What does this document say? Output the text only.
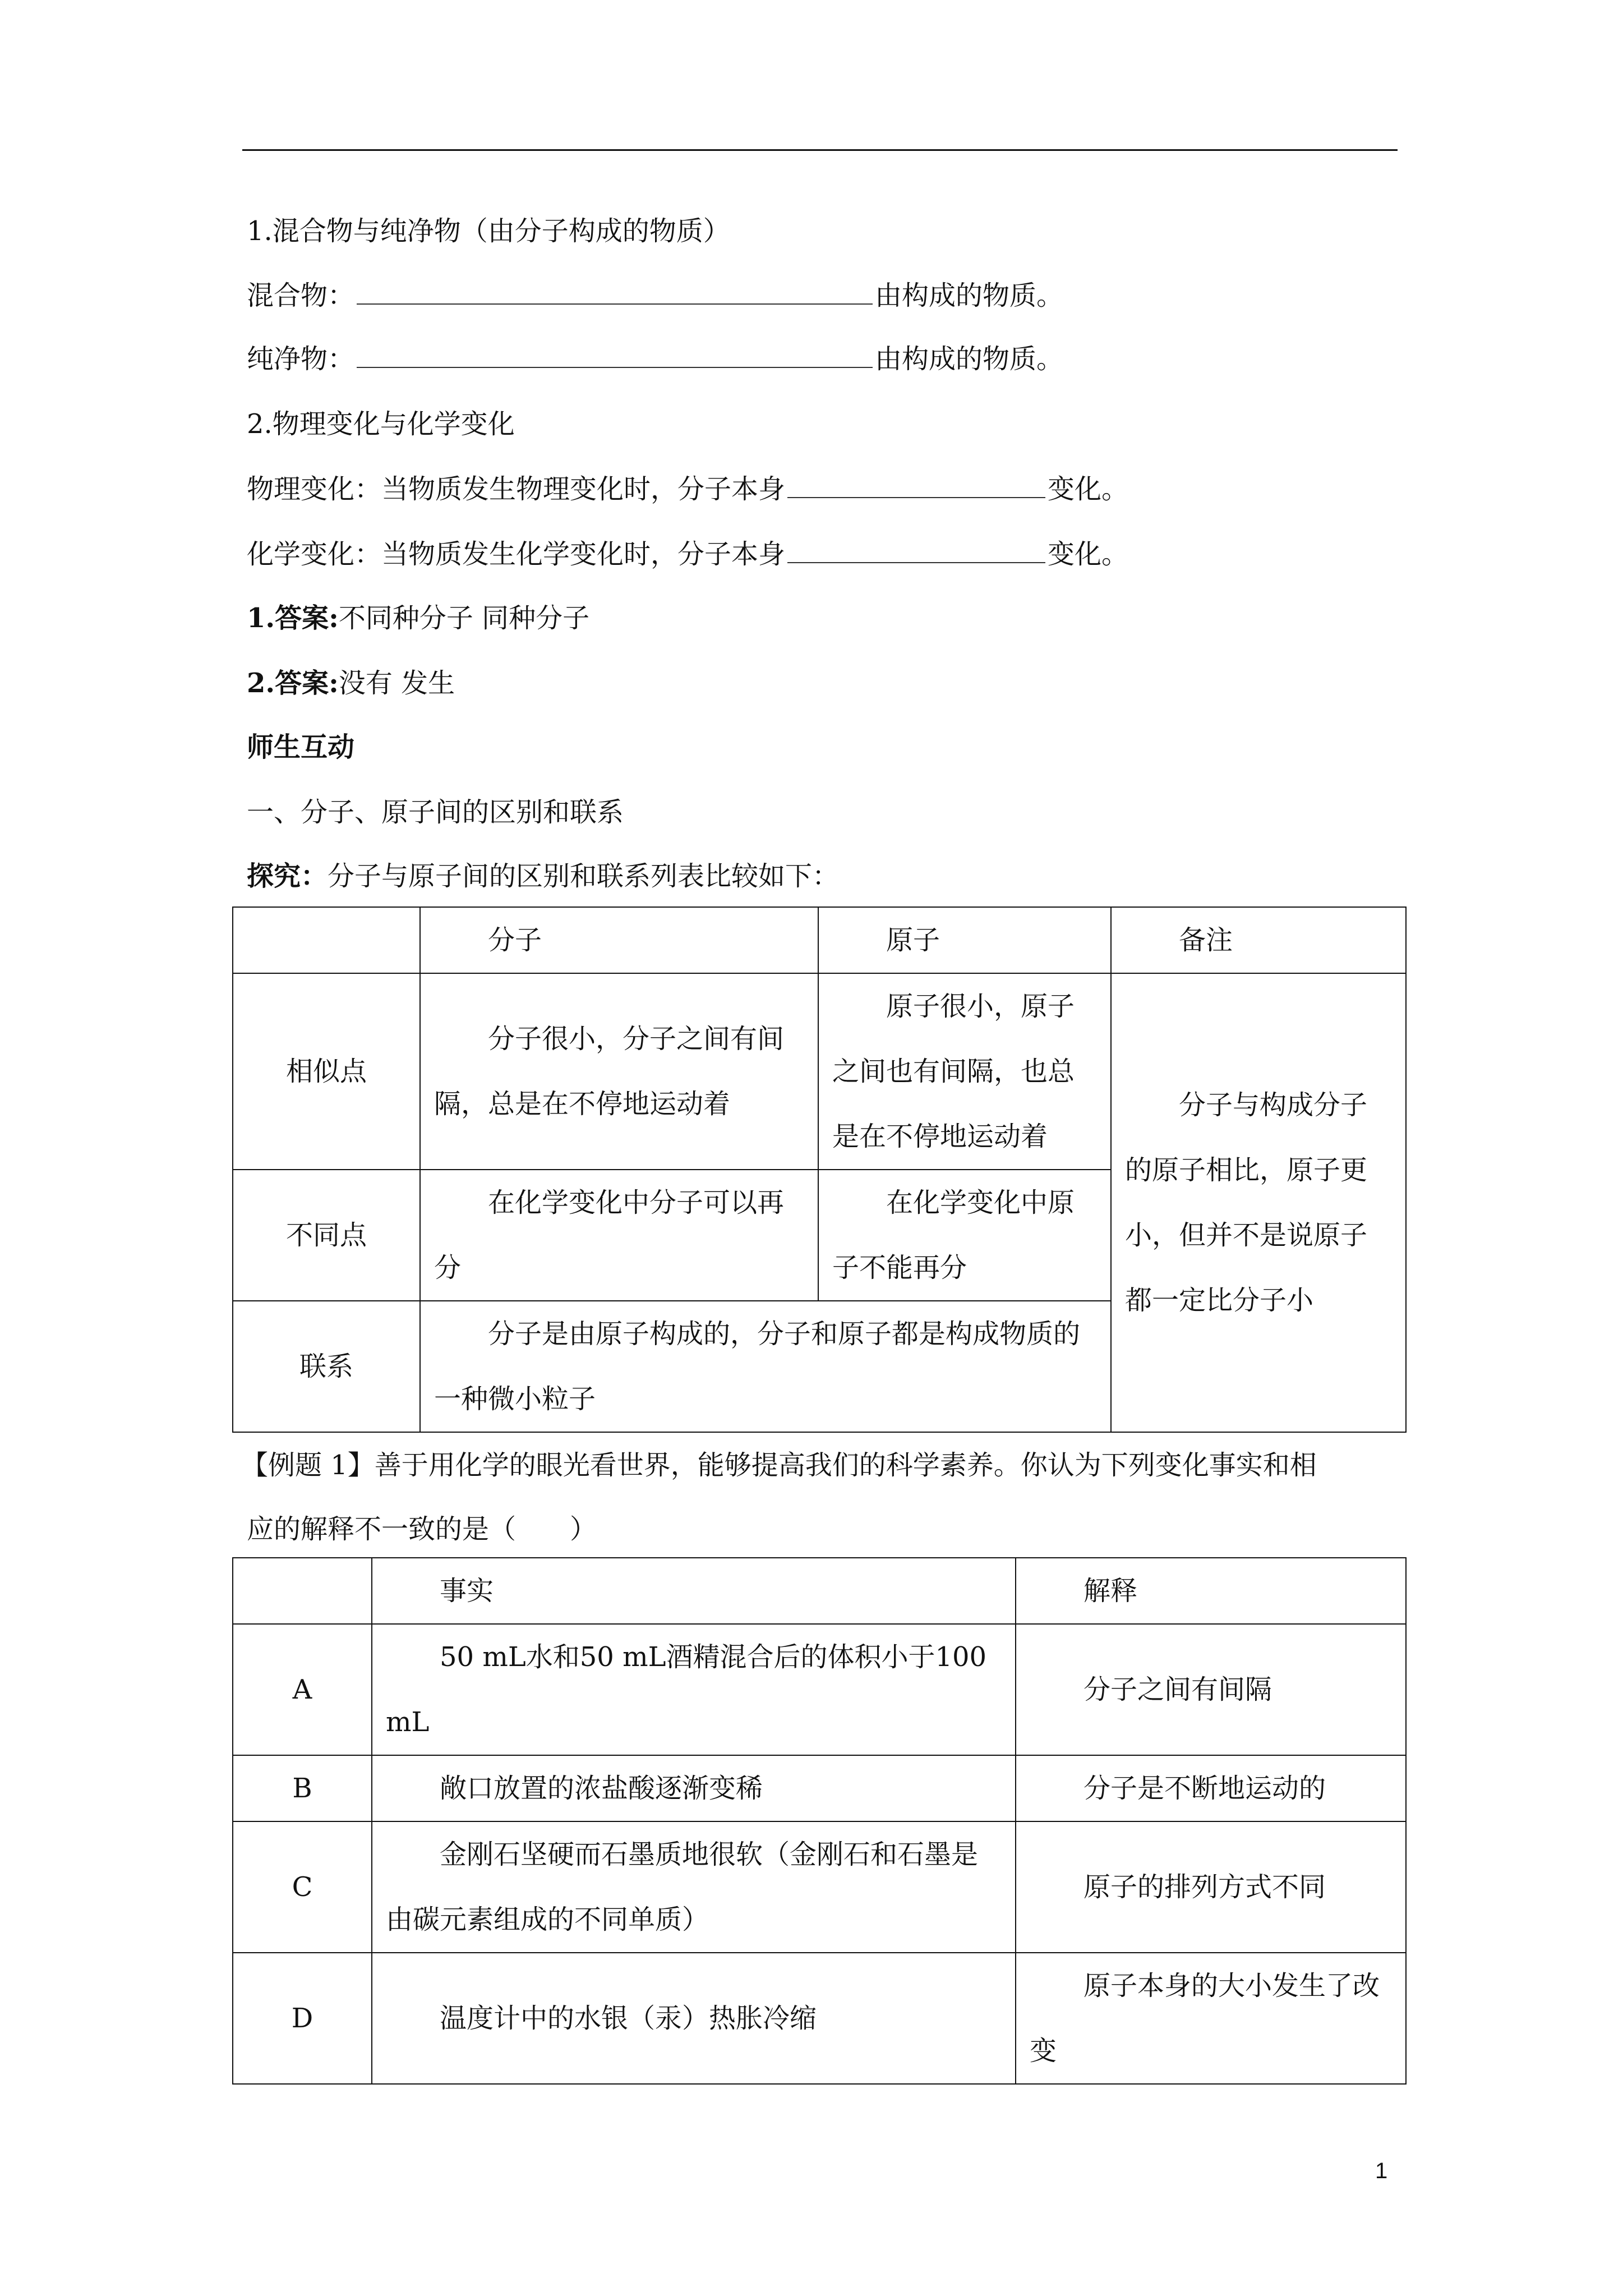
1.混合物与纯净物（由分子构成的物质）
混合物：	由构成的物质。
纯净物：	由构成的物质。
2.物理变化与化学变化
物理变化：当物质发生物理变化时，分子本身	变化。
化学变化：当物质发生化学变化时，分子本身	变化。
1.答案:不同种分子 同种分子
2.答案:没有 发生
师生互动
一、分子、原子间的区别和联系
探究：分子与原子间的区别和联系列表比较如下：
	分子	原子	备注
相似点	分子很小，分子之间有间隔，总是在不停地运动着	原子很小，原子之间也有间隔，也总是在不停地运动着	分子与构成分子的原子相比，原子更小，但并不是说原子都一定比分子小
不同点	在化学变化中分子可以再分	在化学变化中原子不能再分	
联系	分子是由原子构成的，分子和原子都是构成物质的一种微小粒子		
【例题 1】善于用化学的眼光看世界，能够提高我们的科学素养。你认为下列变化事实和相
应的解释不一致的是（　　）
	事实	解释
A	50 mL水和50 mL酒精混合后的体积小于100 mL	分子之间有间隔
B	敞口放置的浓盐酸逐渐变稀	分子是不断地运动的
C	金刚石坚硬而石墨质地很软（金刚石和石墨是由碳元素组成的不同单质）	原子的排列方式不同
D	温度计中的水银（汞）热胀冷缩	原子本身的大小发生了改变
1
